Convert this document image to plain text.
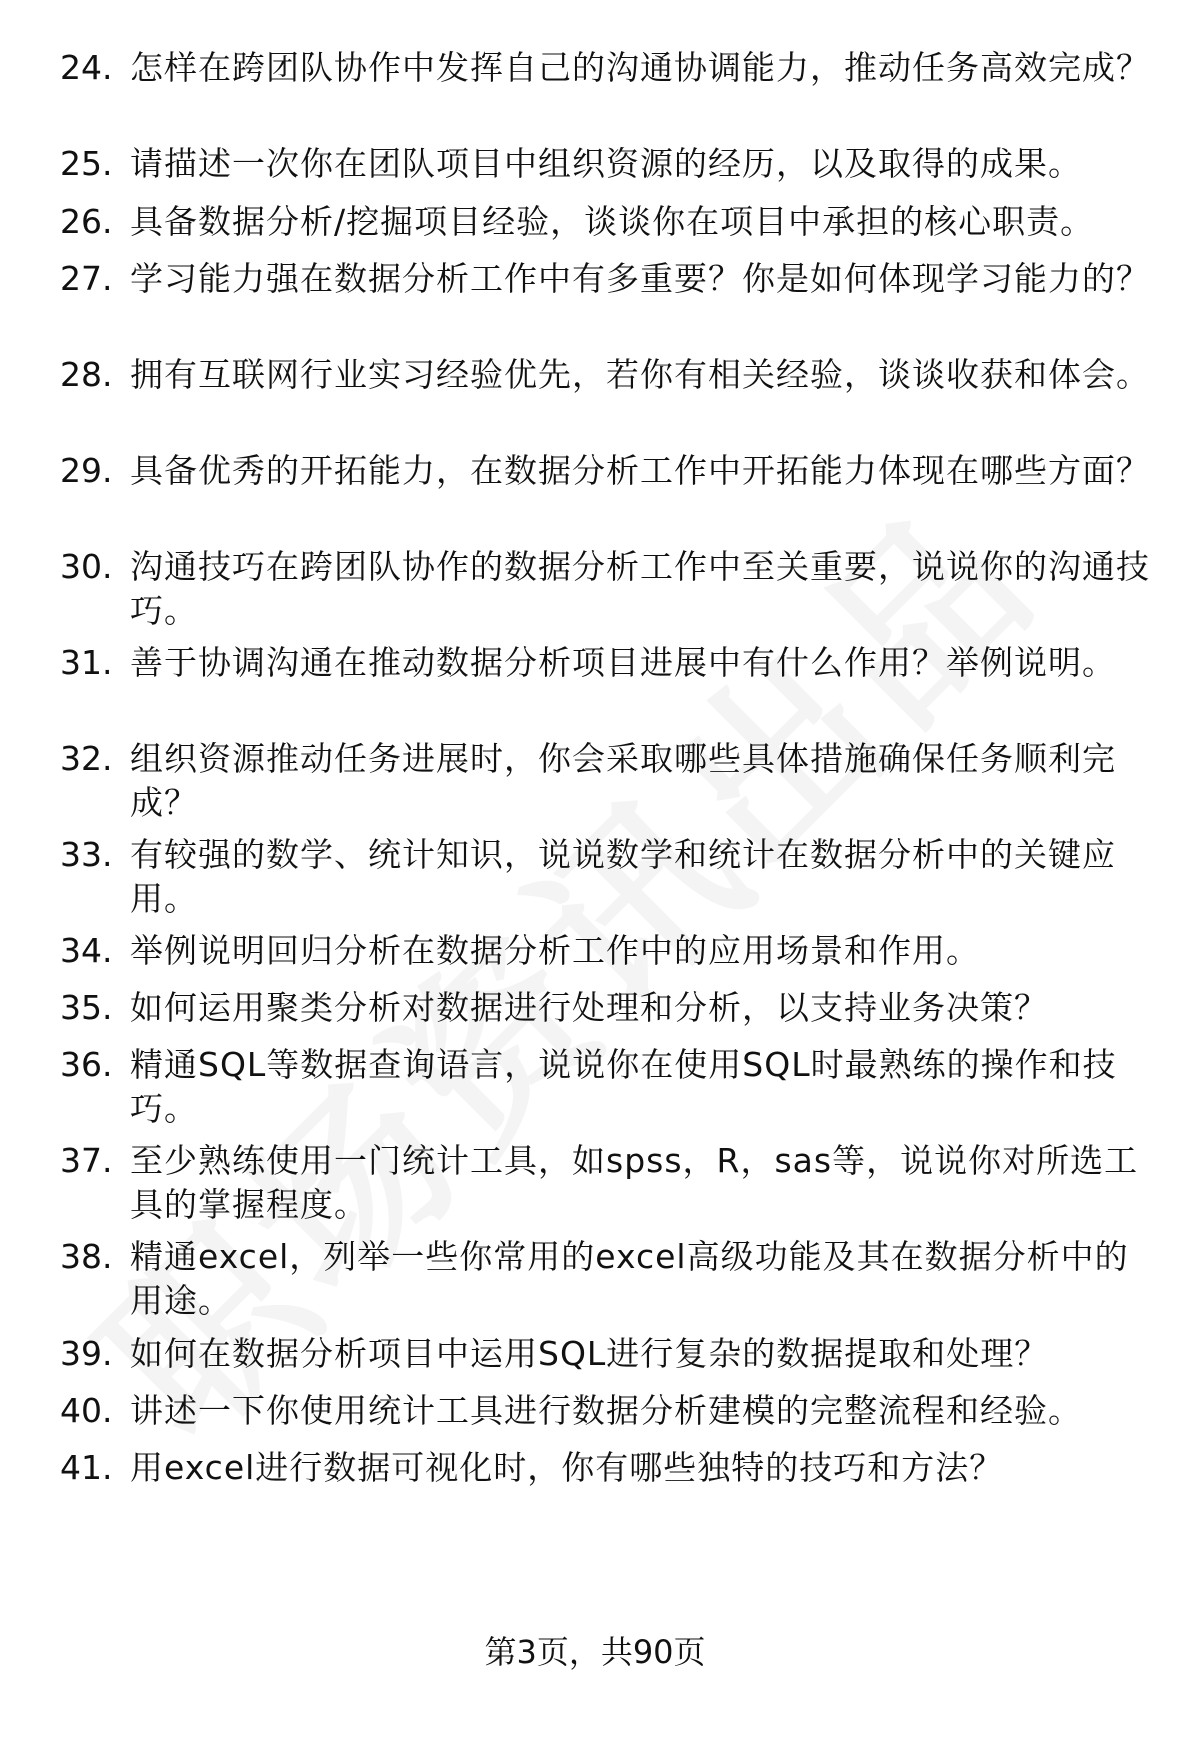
24. 怎样在跨团队协作中发挥自己的沟通协调能力，推动任务高效完成？
25. 请描述一次你在团队项目中组织资源的经历，以及取得的成果。
26. 具备数据分析/挖掘项目经验，谈谈你在项目中承担的核心职责。
27. 学习能力强在数据分析工作中有多重要？你是如何体现学习能力的？
28. 拥有互联网行业实习经验优先，若你有相关经验，谈谈收获和体会。
29. 具备优秀的开拓能力，在数据分析工作中开拓能力体现在哪些方面？
30. 沟通技巧在跨团队协作的数据分析工作中至关重要，说说你的沟通技巧。
31. 善于协调沟通在推动数据分析项目进展中有什么作用？举例说明。
32. 组织资源推动任务进展时，你会采取哪些具体措施确保任务顺利完成？
33. 有较强的数学、统计知识，说说数学和统计在数据分析中的关键应用。
34. 举例说明回归分析在数据分析工作中的应用场景和作用。
35. 如何运用聚类分析对数据进行处理和分析，以支持业务决策？
36. 精通SQL等数据查询语言，说说你在使用SQL时最熟练的操作和技巧。
37. 至少熟练使用一门统计工具，如spss，R，sas等，说说你对所选工具的掌握程度。
38. 精通excel，列举一些你常用的excel高级功能及其在数据分析中的用途。
39. 如何在数据分析项目中运用SQL进行复杂的数据提取和处理？
40. 讲述一下你使用统计工具进行数据分析建模的完整流程和经验。
41. 用excel进行数据可视化时，你有哪些独特的技巧和方法？
第3页，共90页
